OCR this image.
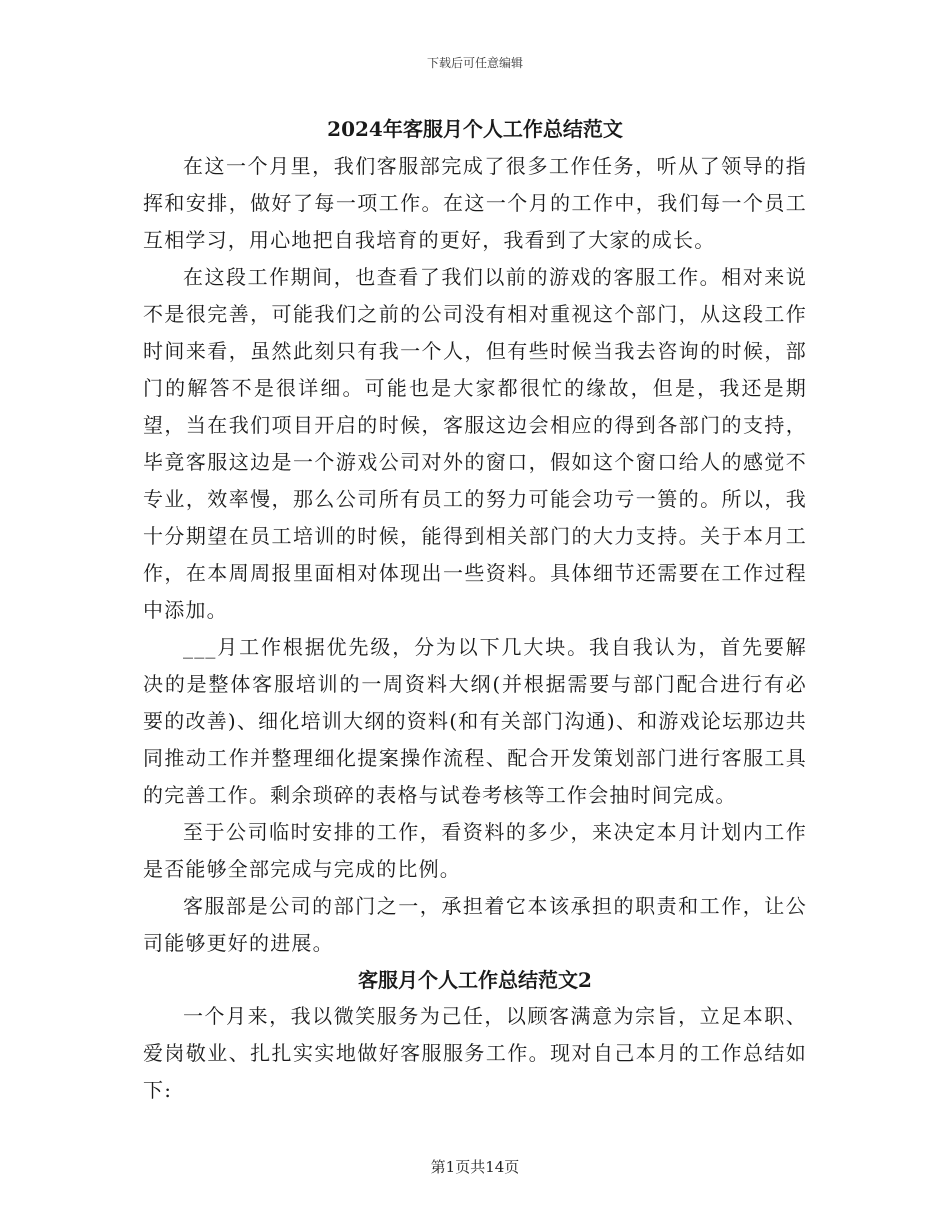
下载后可任意编辑
2024年客服月个人工作总结范文

在这一个月里，我们客服部完成了很多工作任务，听从了领导的指挥和安排，做好了每一项工作。在这一个月的工作中，我们每一个员工互相学习，用心地把自我培育的更好，我看到了大家的成长。

在这段工作期间，也查看了我们以前的游戏的客服工作。相对来说不是很完善，可能我们之前的公司没有相对重视这个部门，从这段工作时间来看，虽然此刻只有我一个人，但有些时候当我去咨询的时候，部门的解答不是很详细。可能也是大家都很忙的缘故，但是，我还是期望，当在我们项目开启的时候，客服这边会相应的得到各部门的支持，毕竟客服这边是一个游戏公司对外的窗口，假如这个窗口给人的感觉不专业，效率慢，那么公司所有员工的努力可能会功亏一篑的。所以，我十分期望在员工培训的时候，能得到相关部门的大力支持。关于本月工作，在本周周报里面相对体现出一些资料。具体细节还需要在工作过程中添加。

___月工作根据优先级，分为以下几大块。我自我认为，首先要解决的是整体客服培训的一周资料大纲(并根据需要与部门配合进行有必要的改善)、细化培训大纲的资料(和有关部门沟通)、和游戏论坛那边共同推动工作并整理细化提案操作流程、配合开发策划部门进行客服工具的完善工作。剩余琐碎的表格与试卷考核等工作会抽时间完成。

至于公司临时安排的工作，看资料的多少，来决定本月计划内工作是否能够全部完成与完成的比例。

客服部是公司的部门之一，承担着它本该承担的职责和工作，让公司能够更好的进展。

客服月个人工作总结范文2

一个月来，我以微笑服务为己任，以顾客满意为宗旨，立足本职、爱岗敬业、扎扎实实地做好客服服务工作。现对自己本月的工作总结如下:

第1页共14页
